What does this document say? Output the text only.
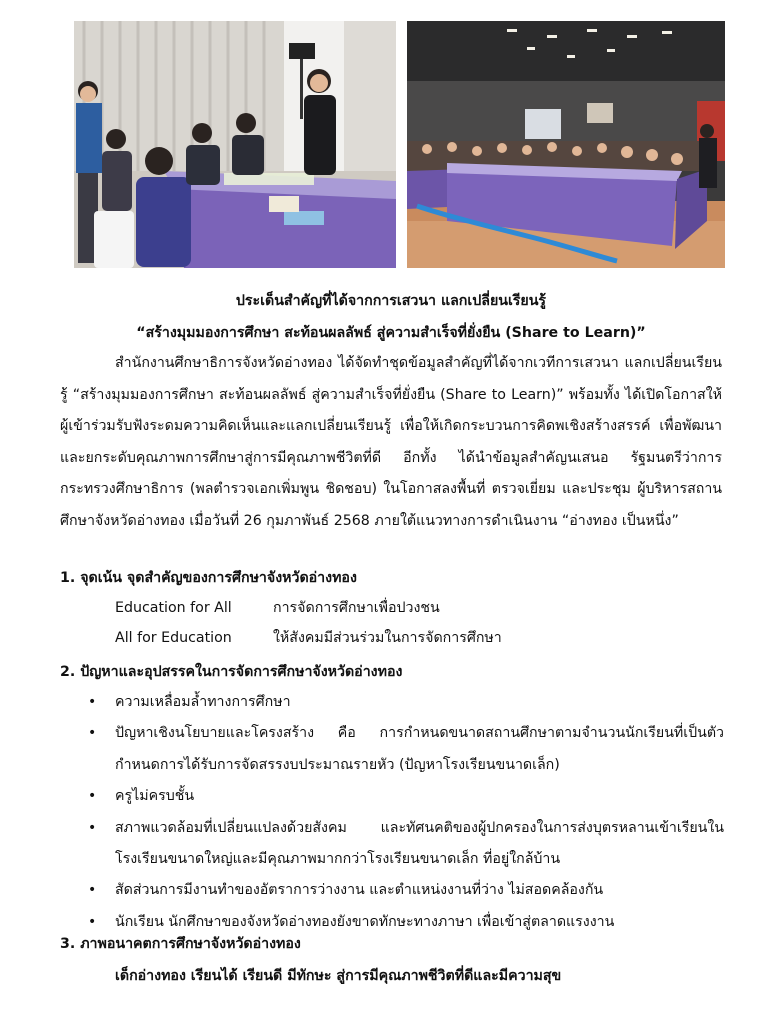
ประเด็นสำคัญที่ได้จากการเสวนา แลกเปลี่ยนเรียนรู้
“สร้างมุมมองการศึกษา สะท้อนผลลัพธ์ สู่ความสำเร็จที่ยั่งยืน (Share to Learn)”
สำนักงานศึกษาธิการจังหวัดอ่างทอง ได้จัดทำชุดข้อมูลสำคัญที่ได้จากเวทีการเสวนา แลกเปลี่ยนเรียนรู้ “สร้างมุมมองการศึกษา สะท้อนผลลัพธ์ สู่ความสำเร็จที่ยั่งยืน (Share to Learn)” พร้อมทั้ง ได้เปิดโอกาสให้ผู้เข้าร่วมรับฟังระดมความคิดเห็นและแลกเปลี่ยนเรียนรู้ เพื่อให้เกิดกระบวนการคิดพเชิงสร้างสรรค์ เพื่อพัฒนาและยกระดับคุณภาพการศึกษาสู่การมีคุณภาพชีวิตที่ดี อีกทั้ง ได้นำข้อมูลสำคัญนเสนอ รัฐมนตรีว่าการกระทรวงศึกษาธิการ (พลตำรวจเอกเพิ่มพูน ชิดชอบ) ในโอกาสลงพื้นที่ ตรวจเยี่ยม และประชุม ผู้บริหารสถานศึกษาจังหวัดอ่างทอง เมื่อวันที่ 26 กุมภาพันธ์ 2568 ภายใต้แนวทางการดำเนินงาน “อ่างทอง เป็นหนึ่ง”
1. จุดเน้น จุดสำคัญของการศึกษาจังหวัดอ่างทอง
Education for All	การจัดการศึกษาเพื่อปวงชน
All for Education	ให้สังคมมีส่วนร่วมในการจัดการศึกษา
2. ปัญหาและอุปสรรคในการจัดการศึกษาจังหวัดอ่างทอง
• ความเหลื่อมล้ำทางการศึกษา
• ปัญหาเชิงนโยบายและโครงสร้าง คือ การกำหนดขนาดสถานศึกษาตามจำนวนนักเรียนที่เป็นตัวกำหนดการได้รับการจัดสรรงบประมาณรายหัว (ปัญหาโรงเรียนขนาดเล็ก)
• ครูไม่ครบชั้น
• สภาพแวดล้อมที่เปลี่ยนแปลงด้วยสังคม และทัศนคติของผู้ปกครองในการส่งบุตรหลานเข้าเรียนในโรงเรียนขนาดใหญ่และมีคุณภาพมากกว่าโรงเรียนขนาดเล็ก ที่อยู่ใกล้บ้าน
• สัดส่วนการมีงานทำของอัตราการว่างงาน และตำแหน่งงานที่ว่าง ไม่สอดคล้องกัน
• นักเรียน นักศึกษาของจังหวัดอ่างทองยังขาดทักษะทางภาษา เพื่อเข้าสู่ตลาดแรงงาน
3. ภาพอนาคตการศึกษาจังหวัดอ่างทอง
เด็กอ่างทอง เรียนได้ เรียนดี มีทักษะ สู่การมีคุณภาพชีวิตที่ดีและมีความสุข
